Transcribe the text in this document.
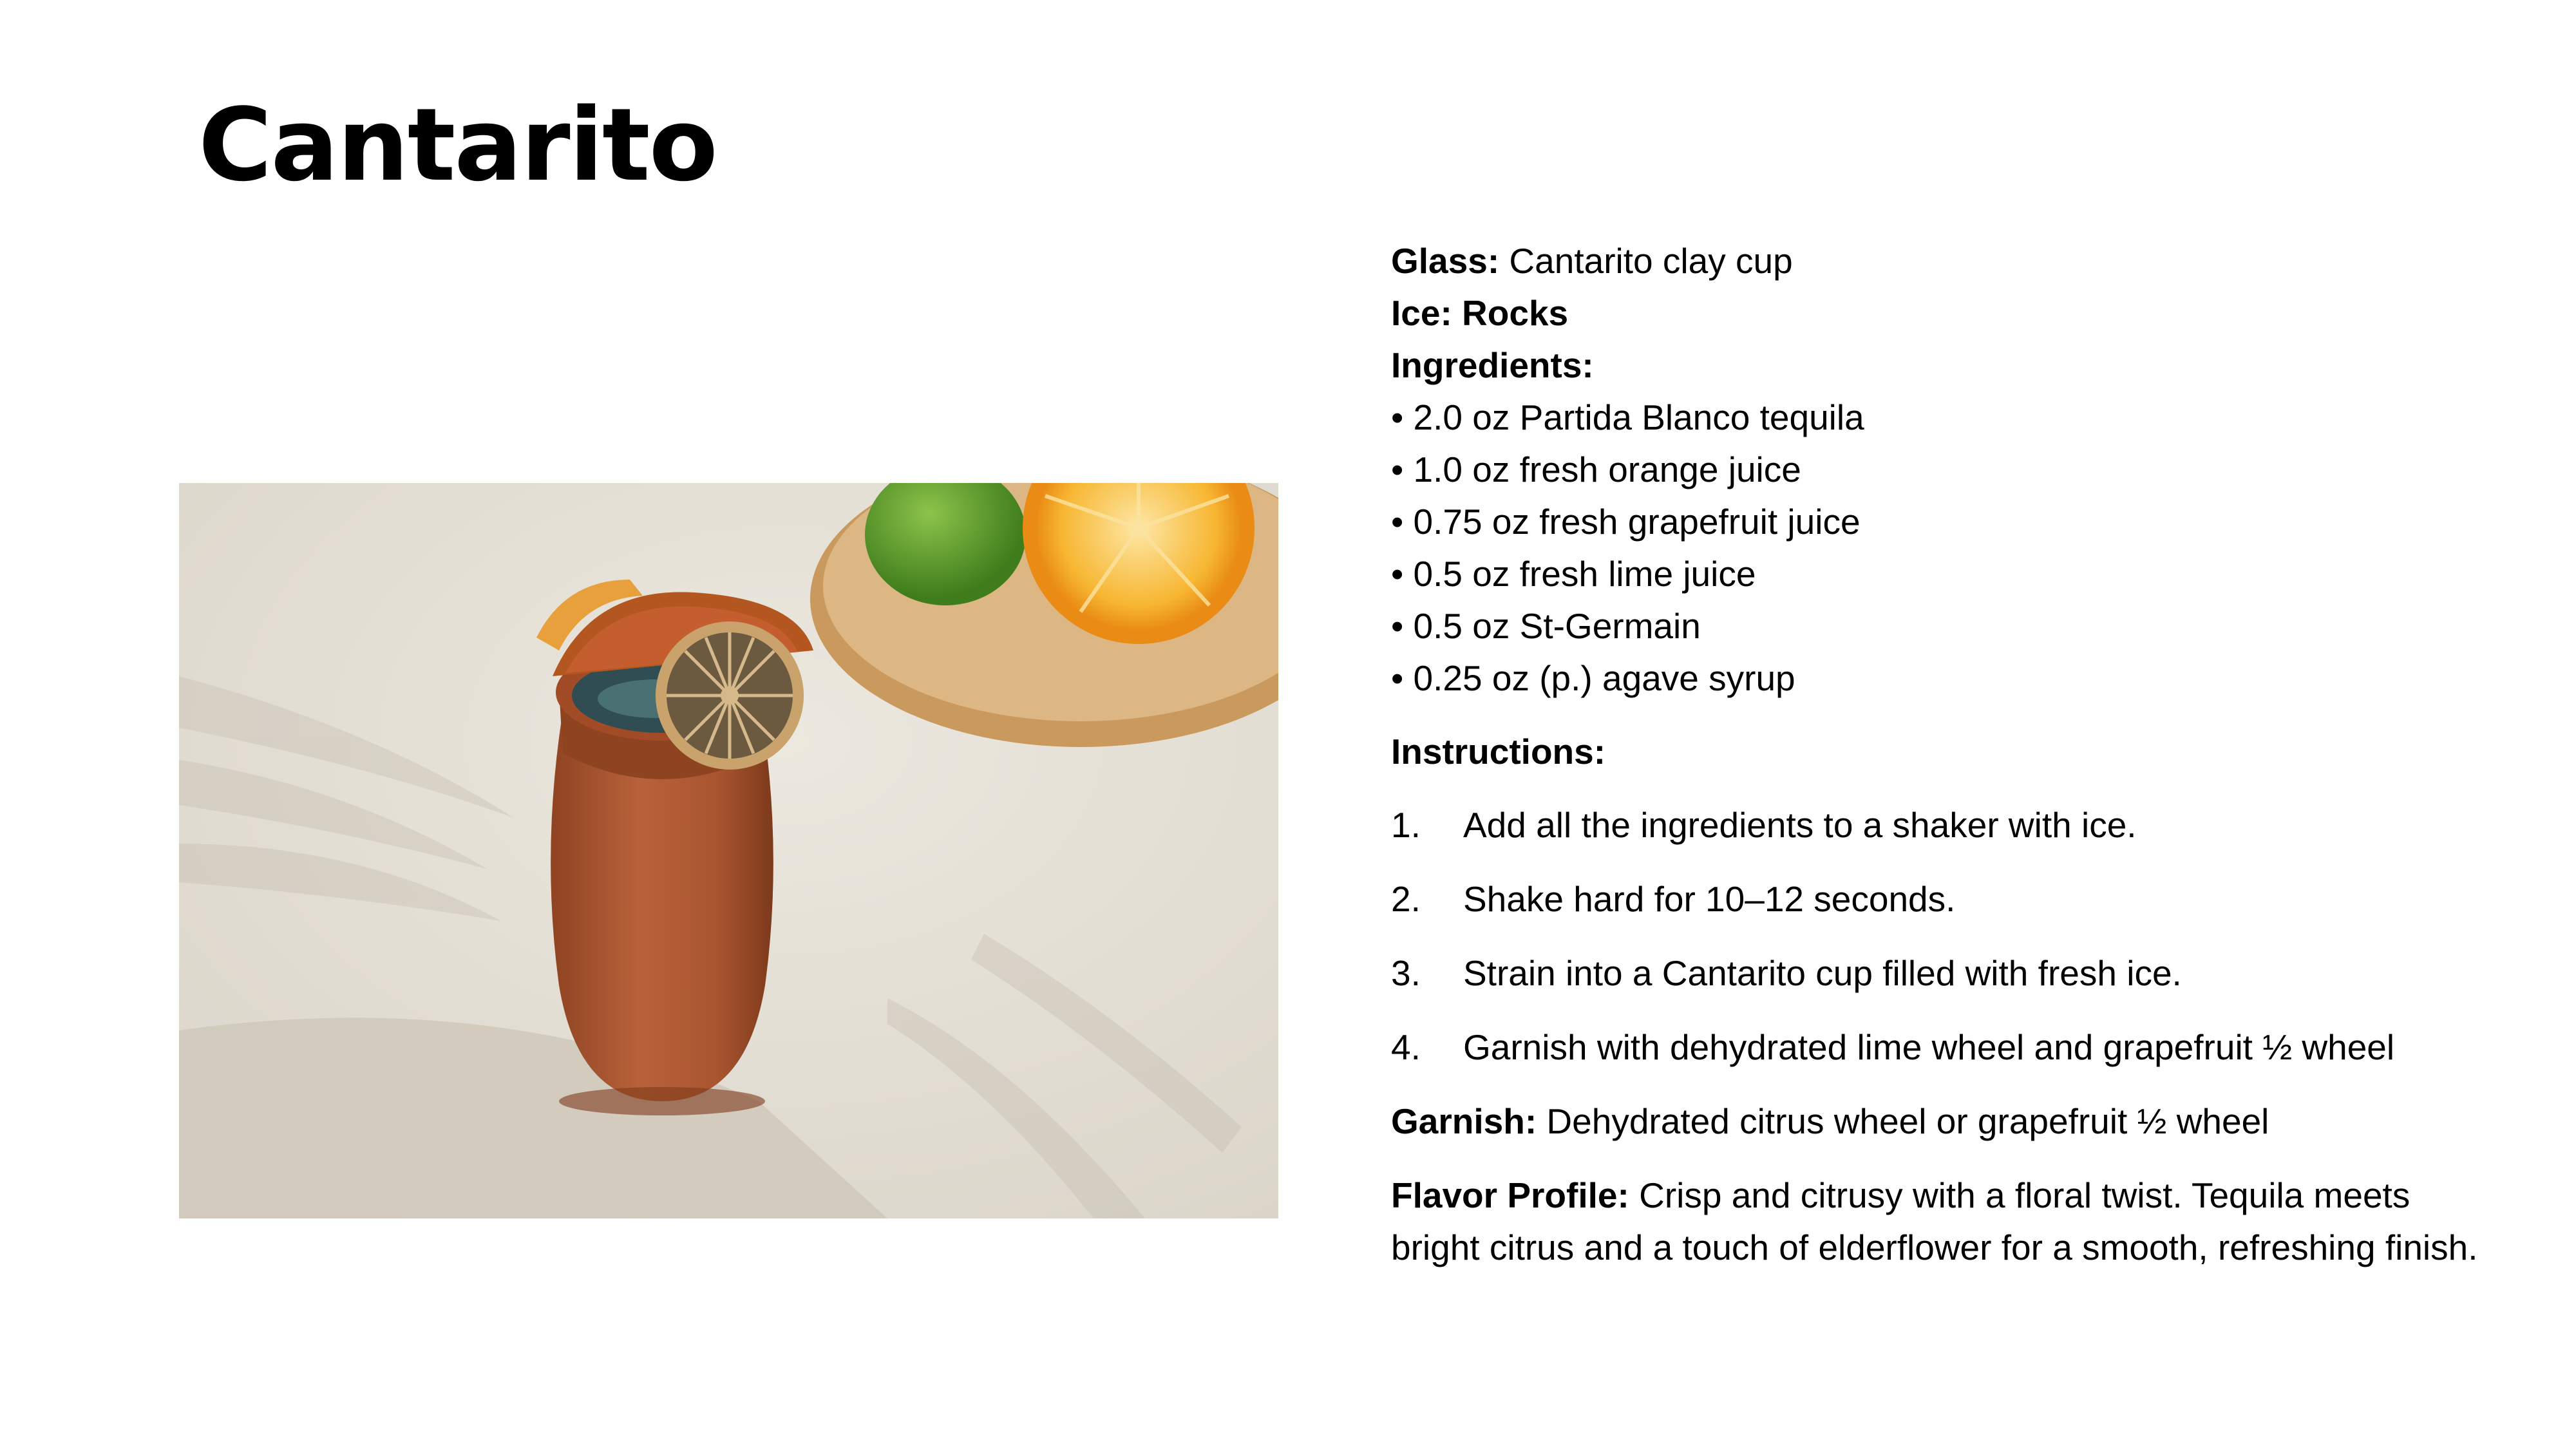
Cantarito

Glass: Cantarito clay cup

Ice: Rocks

Ingredients:

• 2.0 oz Partida Blanco tequila
• 1.0 oz fresh orange juice
• 0.75 oz fresh grapefruit juice
• 0.5 oz fresh lime juice
• 0.5 oz St-Germain
• 0.25 oz (p.) agave syrup

Instructions:

1.	Add all the ingredients to a shaker with ice.
2.	Shake hard for 10–12 seconds.
3.	Strain into a Cantarito cup filled with fresh ice.
4.	Garnish with dehydrated lime wheel and grapefruit ½ wheel

Garnish: Dehydrated citrus wheel or grapefruit ½ wheel

Flavor Profile: Crisp and citrusy with a floral twist. Tequila meets bright citrus and a touch of elderflower for a smooth, refreshing finish.
